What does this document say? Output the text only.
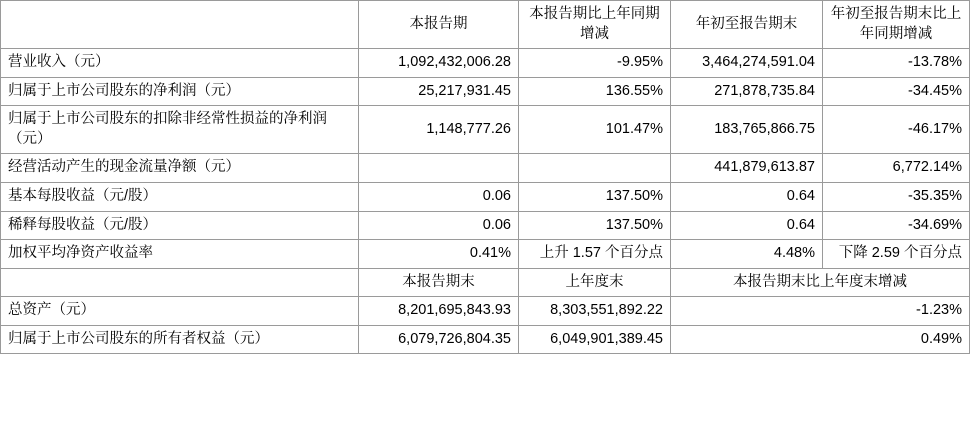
	本报告期	本报告期比上年同期增减	年初至报告期末	年初至报告期末比上年同期增减
营业收入（元）	1,092,432,006.28	-9.95%	3,464,274,591.04	-13.78%
归属于上市公司股东的净利润（元）	25,217,931.45	136.55%	271,878,735.84	-34.45%
归属于上市公司股东的扣除非经常性损益的净利润（元）	1,148,777.26	101.47%	183,765,866.75	-46.17%
经营活动产生的现金流量净额（元）			441,879,613.87	6,772.14%
基本每股收益（元/股）	0.06	137.50%	0.64	-35.35%
稀释每股收益（元/股）	0.06	137.50%	0.64	-34.69%
加权平均净资产收益率	0.41%	上升 1.57 个百分点	4.48%	下降 2.59 个百分点
	本报告期末	上年度末	本报告期末比上年度末增减	
总资产（元）	8,201,695,843.93	8,303,551,892.22	-1.23%	
归属于上市公司股东的所有者权益（元）	6,079,726,804.35	6,049,901,389.45	0.49%	
